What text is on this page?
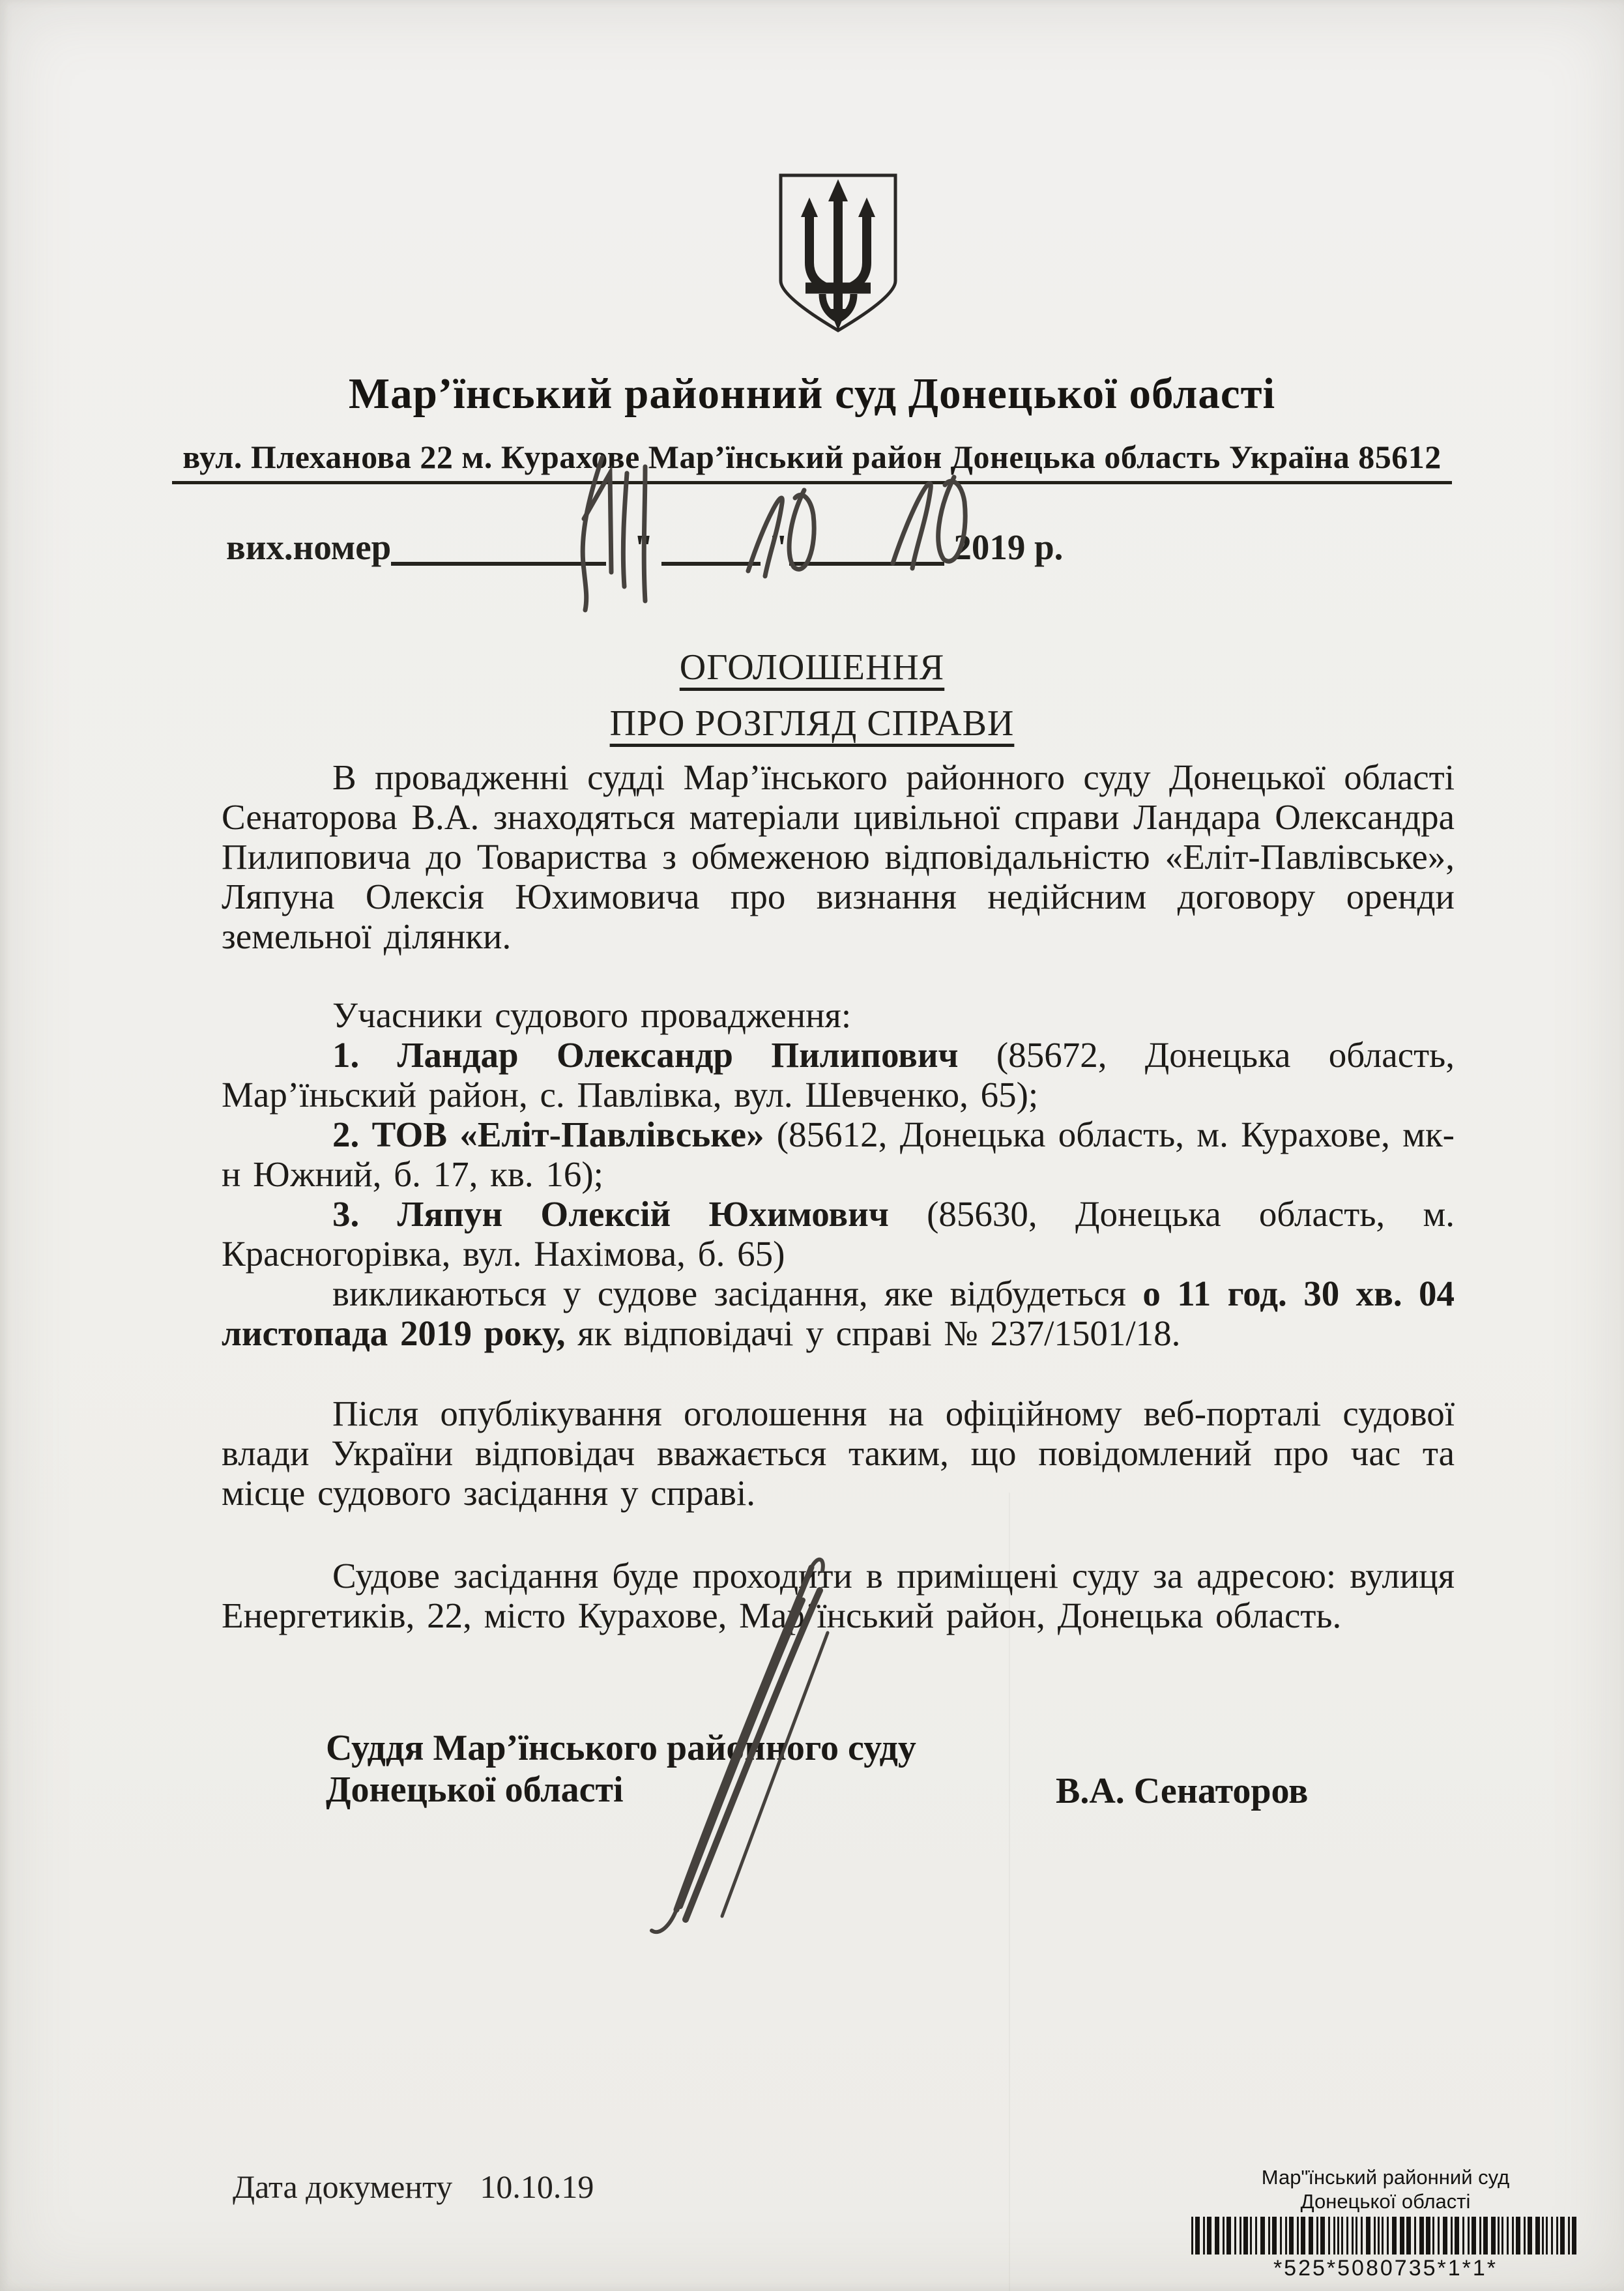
Мар’їнський районний суд Донецької області
вул. Плеханова 22 м. Курахове Мар’їнський район Донецька область Україна 85612
вих.номер	"	"	2019 р.
ОГОЛОШЕННЯ
ПРО РОЗГЛЯД СПРАВИ

В провадженні судді Мар’їнського районного суду Донецької області Сенаторова В.А. знаходяться матеріали цивільної справи Ландара Олександра Пилиповича до Товариства з обмеженою відповідальністю «Еліт-Павлівське», Ляпуна Олексія Юхимовича про визнання недійсним договору оренди земельної ділянки.

Учасники судового провадження:

1. Ландар Олександр Пилипович (85672, Донецька область, Мар’їньский район, с. Павлівка, вул. Шевченко, 65);

2. ТОВ «Еліт-Павлівське» (85612, Донецька область, м. Курахове, мк-н Южний, б. 17, кв. 16);

3. Ляпун Олексій Юхимович (85630, Донецька область, м. Красногорівка, вул. Нахімова, б. 65)

викликаються у судове засідання, яке відбудеться о 11 год. 30 хв. 04 листопада 2019 року, як відповідачі у справі № 237/1501/18.

Після опублікування оголошення на офіційному веб-порталі судової влади України відповідач вважається таким, що повідомлений про час та місце судового засідання у справі.

Судове засідання буде проходити в приміщені суду за адресою: вулиця Енергетиків, 22, місто Курахове, Мар’їнський район, Донецька область.

Суддя Мар’їнського районного суду
Донецької області	В.А. Сенаторов
Дата документу 10.10.19	Мар"їнський районний суд
Донецької області
*525*5080735*1*1*
